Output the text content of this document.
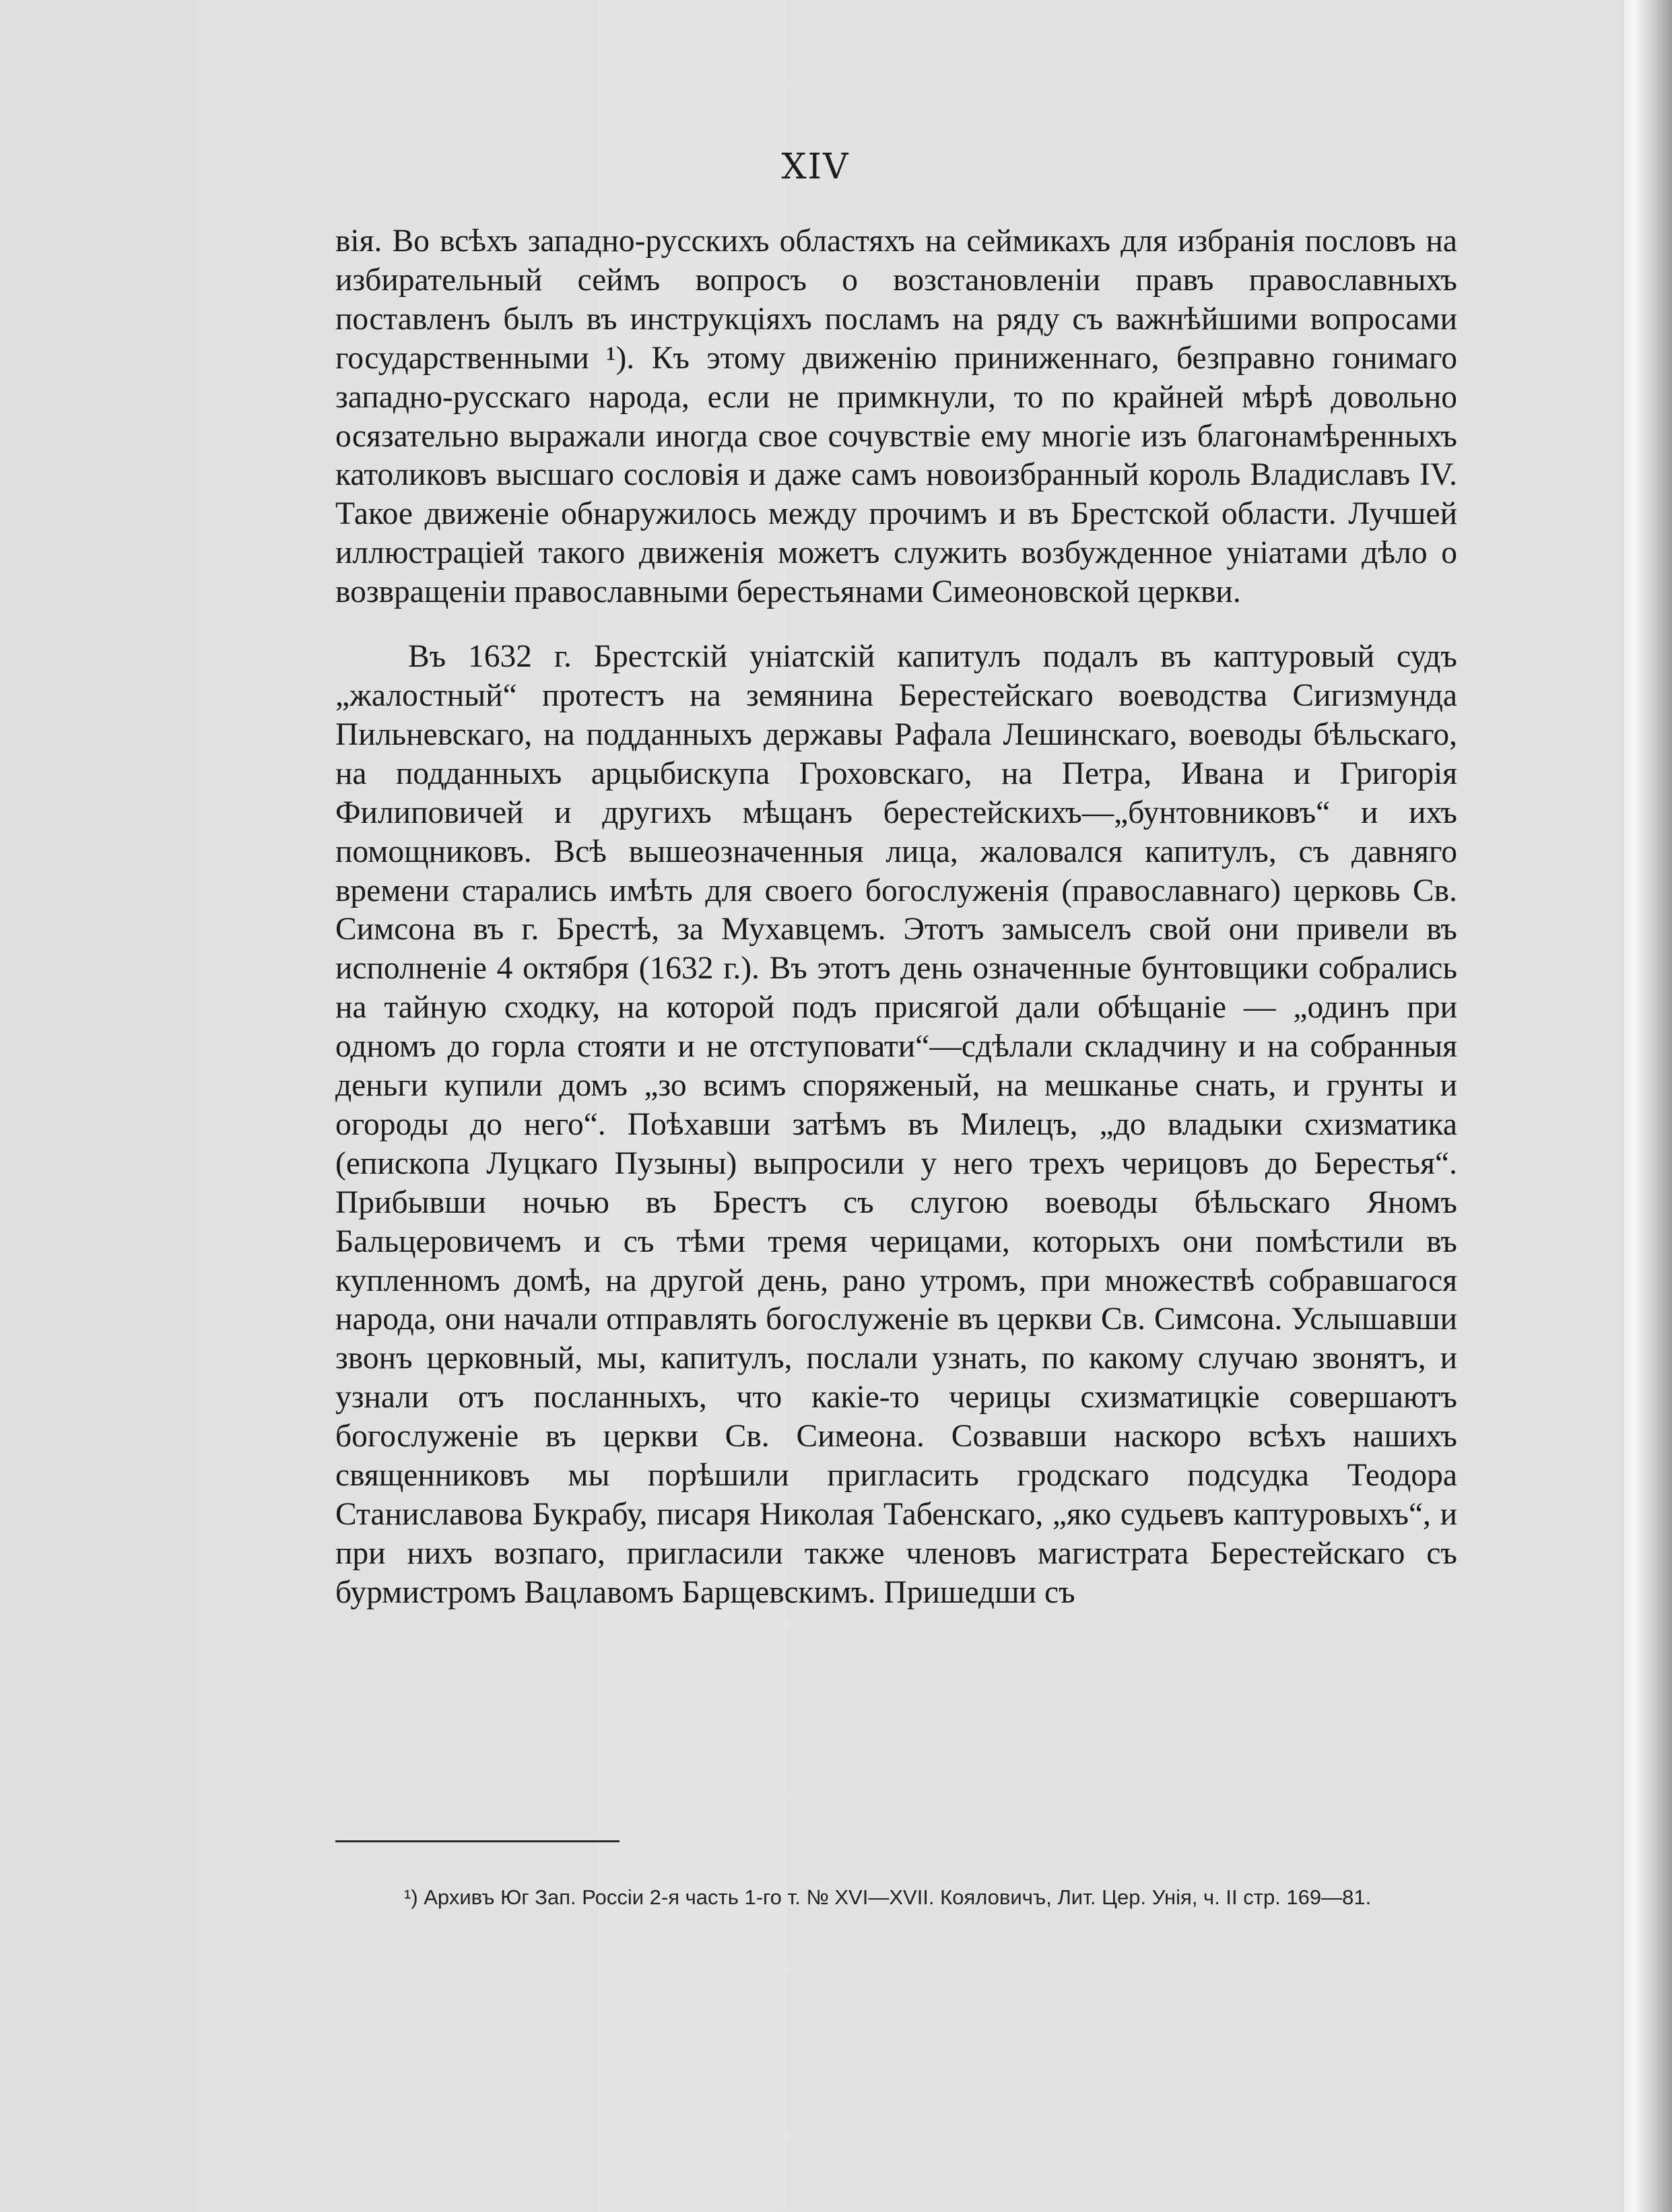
XIV

вія. Во всѣхъ западно-русскихъ областяхъ на сеймикахъ для избранія пословъ на избирательный сеймъ вопросъ о возстановленіи правъ православныхъ поставленъ былъ въ инструкціяхъ посламъ на ряду съ важнѣйшими вопросами государственными ¹). Къ этому движенію приниженнаго, безправно гонимаго западно-русскаго народа, если не примкнули, то по крайней мѣрѣ довольно осязательно выражали иногда свое сочувствіе ему многіе изъ благонамѣренныхъ католиковъ высшаго сословія и даже самъ новоизбранный король Владиславъ IV. Такое движеніе обнаружилось между прочимъ и въ Брестской области. Лучшей иллюстраціей такого движенія можетъ служить возбужденное уніатами дѣло о возвращеніи православными берестьянами Симеоновской церкви.

Въ 1632 г. Брестскій уніатскій капитулъ подалъ въ каптуровый судъ „жалостный“ протестъ на земянина Берестейскаго воеводства Сигизмунда Пильневскаго, на подданныхъ державы Рафала Лешинскаго, воеводы бѣльскаго, на подданныхъ арцыбискупа Гроховскаго, на Петра, Ивана и Григорія Филиповичей и другихъ мѣщанъ берестейскихъ—„бунтовниковъ“ и ихъ помощниковъ. Всѣ вышеозначенныя лица, жаловался капитулъ, съ давняго времени старались имѣть для своего богослуженія (православнаго) церковь Св. Симсона въ г. Брестѣ, за Мухавцемъ. Этотъ замыселъ свой они привели въ исполненіе 4 октября (1632 г.). Въ этотъ день означенные бунтовщики собрались на тайную сходку, на которой подъ присягой дали обѣщаніе — „одинъ при одномъ до горла стояти и не отступовати“—сдѣлали складчину и на собранныя деньги купили домъ „зо всимъ споряженый, на мешканье снать, и грунты и огороды до него“. Поѣхавши затѣмъ въ Милецъ, „до владыки схизматика (епископа Луцкаго Пузыны) выпросили у него трехъ черицовъ до Берестья“. Прибывши ночью въ Брестъ съ слугою воеводы бѣльскаго Яномъ Бальцеровичемъ и съ тѣми тремя черицами, которыхъ они помѣстили въ купленномъ домѣ, на другой день, рано утромъ, при множествѣ собравшагося народа, они начали отправлять богослуженіе въ церкви Св. Симсона. Услышавши звонъ церковный, мы, капитулъ, послали узнать, по какому случаю звонятъ, и узнали отъ посланныхъ, что какіе-то черицы схизматицкіе совершаютъ богослуженіе въ церкви Св. Симеона. Созвавши наскоро всѣхъ нашихъ священниковъ мы порѣшили пригласить гродскаго подсудка Теодора Станиславова Букрабу, писаря Николая Табенскаго, „яко судьевъ каптуровыхъ“, и при нихъ возпаго, пригласили также членовъ магистрата Берестейскаго съ бурмистромъ Вацлавомъ Барщевскимъ. Пришедши съ

¹) Архивъ Юг Зап. Россіи 2-я часть 1-го т. № XVI—XVII. Кояловичъ, Лит. Цер. Унія, ч. II стр. 169—81.
